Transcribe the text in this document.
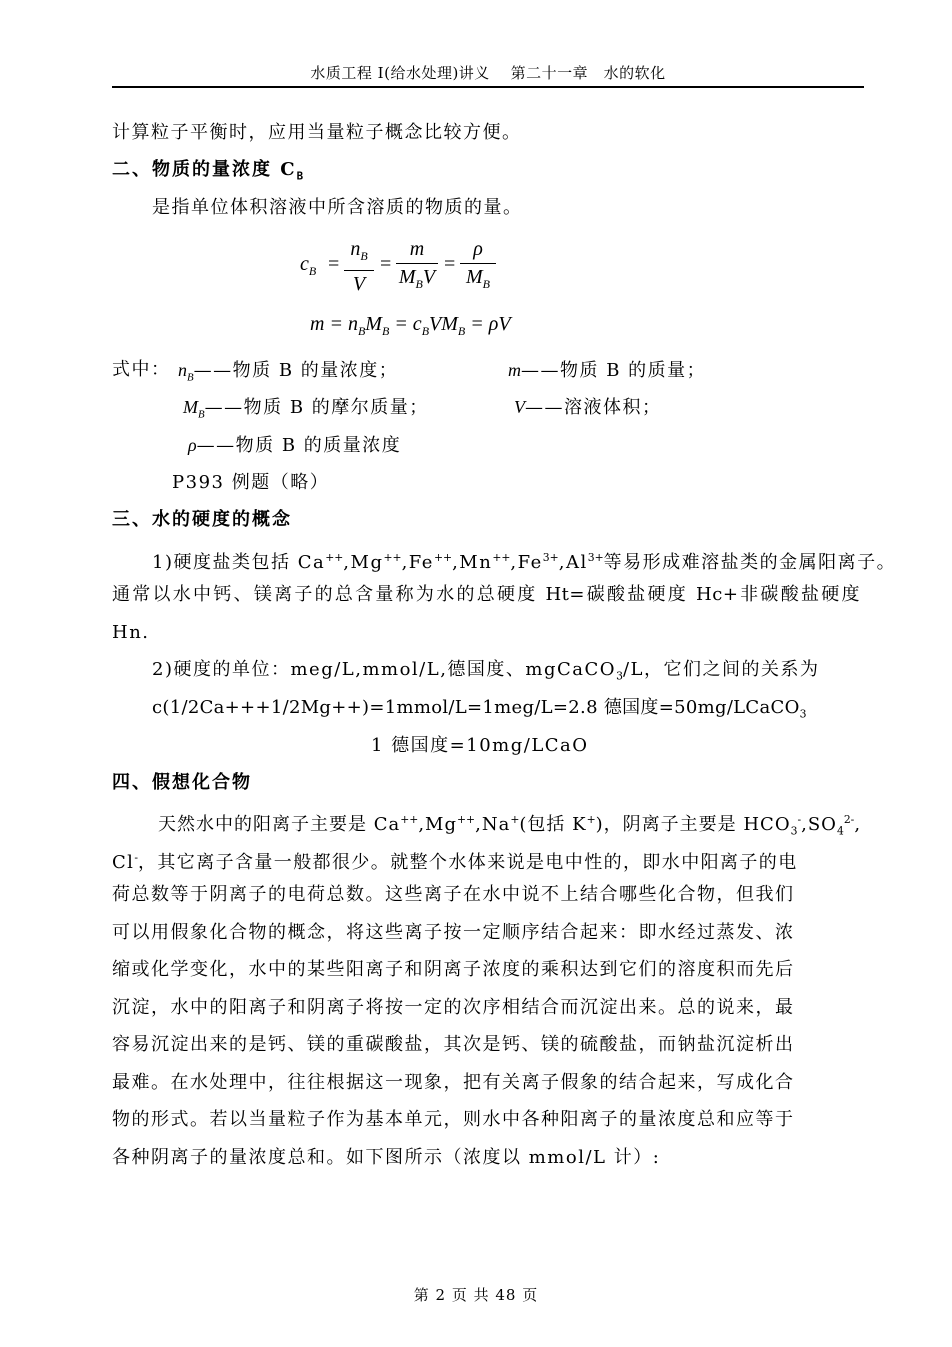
水质工程 I(给水处理)讲义　 第二十一章　水的软化
计算粒子平衡时，应用当量粒子概念比较方便。
二、物质的量浓度 $C_B$
是指单位体积溶液中所含溶质的物质的量。
$c_B = \frac{n_B}{V}$ =
m
$M_BV$
= $\frac{\rho}{M_B}$
$m = n_BM_B = c_BVM_B = \rho V$
式中： $n_B——$物质 B 的量浓度；	m——物质 B 的质量；
$M_B——$物质 B 的摩尔质量；	V——溶液体积；
ρ——物质 B 的质量浓度
P393 例题（略）
三、水的硬度的概念
1)硬度盐类包括 $Ca^{++},Mg^{++},Fe^{++},Mn^{++},Fe^{3+},Al^{3+}$等易形成难溶盐类的金属阳离子。
通常以水中钙、镁离子的总含量称为水的总硬度 Ht=碳酸盐硬度 Hc+非碳酸盐硬度
Hn.
2)硬度的单位：meg/L,mmol/L,德国度、mgCaCO$_3$/L，它们之间的关系为
c(1/2Ca+++1/2Mg++)=1mmol/L=1meg/L=2.8 德国度=50mg/LCaCO$_3$
1 德国度=10mg/LCaO
四、假想化合物
天然水中的阳离子主要是 Ca++,Mg++,Na+(包括 K+)，阴离子主要是 $HCO_3^-,SO_4^{2-}$,
Cl-，其它离子含量一般都很少。就整个水体来说是电中性的，即水中阳离子的电
荷总数等于阴离子的电荷总数。这些离子在水中说不上结合哪些化合物，但我们
可以用假象化合物的概念，将这些离子按一定顺序结合起来：即水经过蒸发、浓
缩或化学变化，水中的某些阳离子和阴离子浓度的乘积达到它们的溶度积而先后
沉淀，水中的阳离子和阴离子将按一定的次序相结合而沉淀出来。总的说来，最
容易沉淀出来的是钙、镁的重碳酸盐，其次是钙、镁的硫酸盐，而钠盐沉淀析出
最难。在水处理中，往往根据这一现象，把有关离子假象的结合起来，写成化合
物的形式。若以当量粒子作为基本单元，则水中各种阳离子的量浓度总和应等于
各种阴离子的量浓度总和。如下图所示（浓度以 mmol/L 计）:
第 2 页 共 48 页
